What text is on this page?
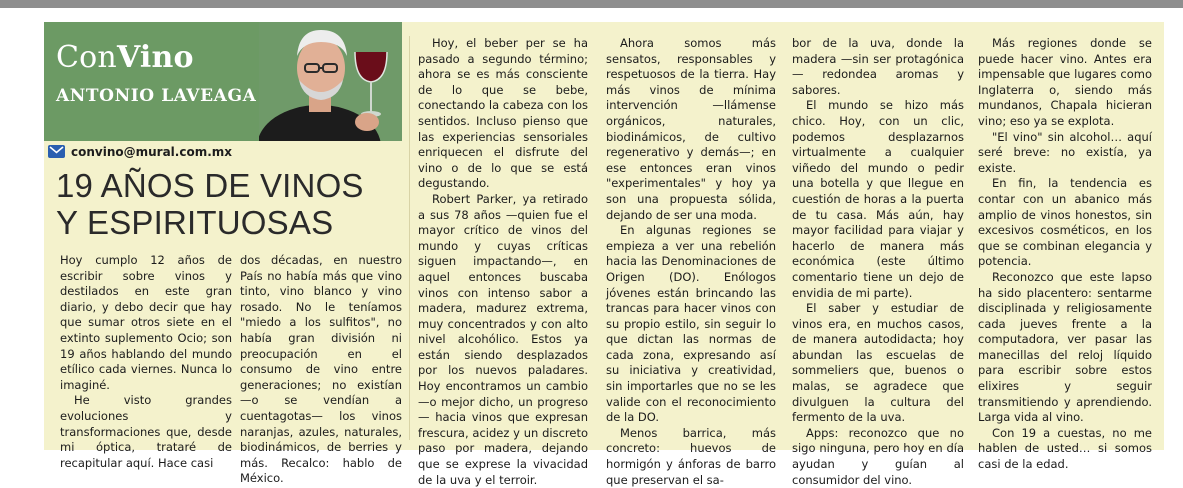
ConVino
ANTONIO LAVEAGA
convino@mural.com.mx
19 AÑOS DE VINOS
Y ESPIRITUOSAS

Hoy cumplo 12 años de escribir sobre vinos y destilados en este gran diario, y debo decir que hay que sumar otros siete en el extinto suplemento Ocio; son 19 años hablando del mundo etílico cada viernes. Nunca lo imaginé.

He visto grandes evoluciones y transformaciones que, desde mi óptica, trataré de recapitular aquí. Hace casi

dos décadas, en nuestro País no había más que vino tinto, vino blanco y vino rosado. No le teníamos "miedo a los sulfitos", no había gran división ni preocupación en el consumo de vino entre generaciones; no existían —o se vendían a cuentagotas— los vinos naranjas, azules, naturales, biodinámicos, de berries y más. Recalco: hablo de México.

Hoy, el beber per se ha pasado a segundo término; ahora se es más consciente de lo que se bebe, conectando la cabeza con los sentidos. Incluso pienso que las experiencias sensoriales enriquecen el disfrute del vino o de lo que se está degustando.

Robert Parker, ya retirado a sus 78 años —quien fue el mayor crítico de vinos del mundo y cuyas críticas siguen impactando—, en aquel entonces buscaba vinos con intenso sabor a madera, madurez extrema, muy concentrados y con alto nivel alcohólico. Estos ya están siendo desplazados por los nuevos paladares. Hoy encontramos un cambio —o mejor dicho, un progreso— hacia vinos que expresan frescura, acidez y un discreto paso por madera, dejando que se exprese la vivacidad de la uva y el terroir.

Ahora somos más sensatos, responsables y respetuosos de la tierra. Hay más vinos de mínima intervención —llámense orgánicos, naturales, biodinámicos, de cultivo regenerativo y demás—; en ese entonces eran vinos "experimentales" y hoy ya son una propuesta sólida, dejando de ser una moda.

En algunas regiones se empieza a ver una rebelión hacia las Denominaciones de Origen (DO). Enólogos jóvenes están brincando las trancas para hacer vinos con su propio estilo, sin seguir lo que dictan las normas de cada zona, expresando así su iniciativa y creatividad, sin importarles que no se les valide con el reconocimiento de la DO.

Menos barrica, más concreto: huevos de hormigón y ánforas de barro que preservan el sa-

bor de la uva, donde la madera —sin ser protagónica— redondea aromas y sabores.

El mundo se hizo más chico. Hoy, con un clic, podemos desplazarnos virtualmente a cualquier viñedo del mundo o pedir una botella y que llegue en cuestión de horas a la puerta de tu casa. Más aún, hay mayor facilidad para viajar y hacerlo de manera más económica (este último comentario tiene un dejo de envidia de mi parte).

El saber y estudiar de vinos era, en muchos casos, de manera autodidacta; hoy abundan las escuelas de sommeliers que, buenos o malas, se agradece que divulguen la cultura del fermento de la uva.

Apps: reconozco que no sigo ninguna, pero hoy en día ayudan y guían al consumidor del vino.

Más regiones donde se puede hacer vino. Antes era impensable que lugares como Inglaterra o, siendo más mundanos, Chapala hicieran vino; eso ya se explota.

"El vino" sin alcohol… aquí seré breve: no existía, ya existe.

En fin, la tendencia es contar con un abanico más amplio de vinos honestos, sin excesivos cosméticos, en los que se combinan elegancia y potencia.

Reconozco que este lapso ha sido placentero: sentarme disciplinada y religiosamente cada jueves frente a la computadora, ver pasar las manecillas del reloj líquido para escribir sobre estos elixires y seguir transmitiendo y aprendiendo. Larga vida al vino.

Con 19 a cuestas, no me hablen de usted… si somos casi de la edad.
